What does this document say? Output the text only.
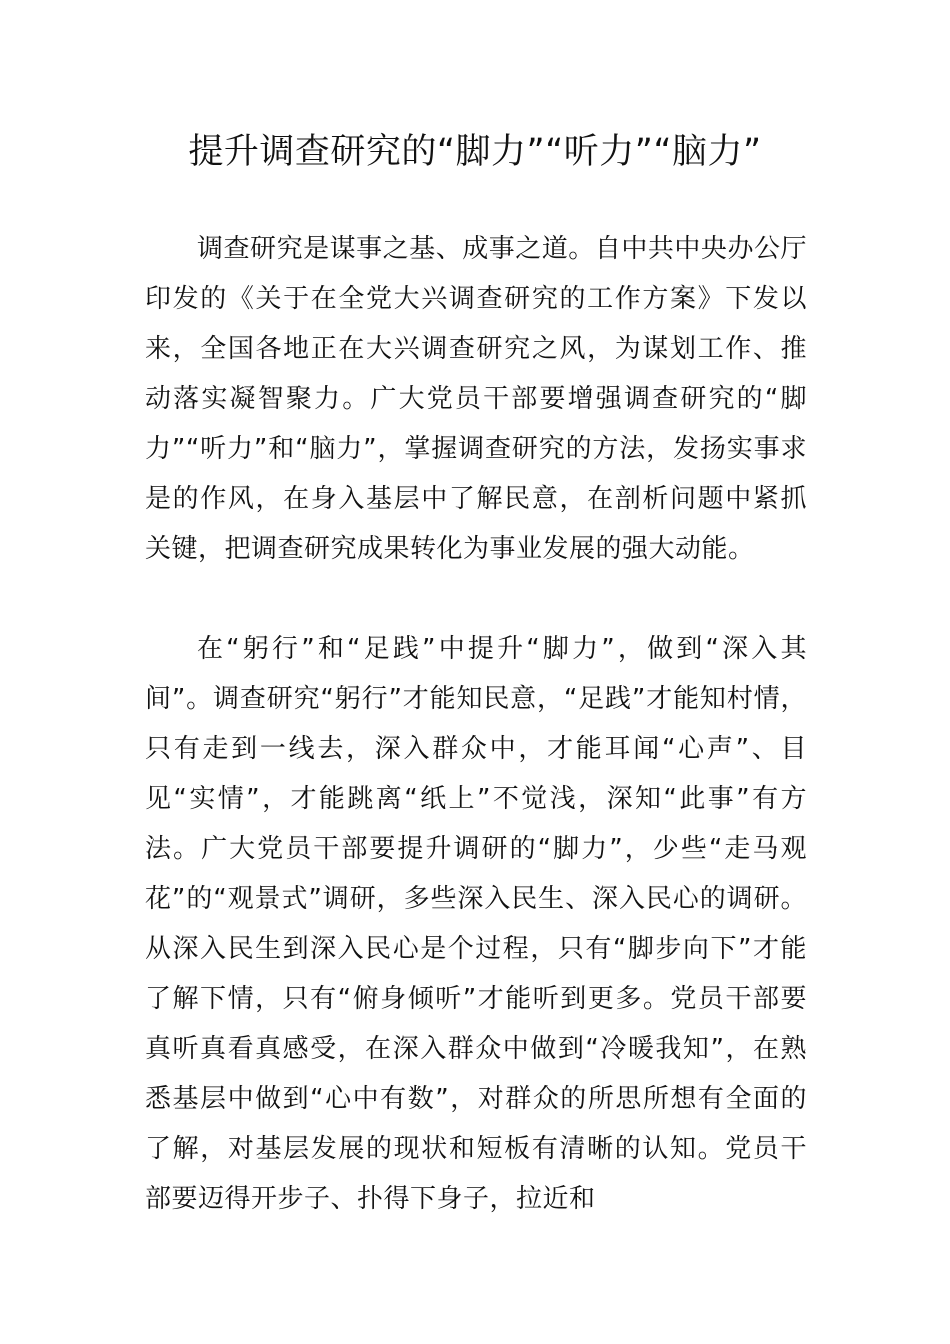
提升调查研究的“脚力”“听力”“脑力”

调查研究是谋事之基、成事之道。自中共中央办公厅印发的《关于在全党大兴调查研究的工作方案》下发以来，全国各地正在大兴调查研究之风，为谋划工作、推动落实凝智聚力。广大党员干部要增强调查研究的“脚力”“听力”和“脑力”，掌握调查研究的方法，发扬实事求是的作风，在身入基层中了解民意，在剖析问题中紧抓关键，把调查研究成果转化为事业发展的强大动能。

在“躬行”和“足践”中提升“脚力”，做到“深入其间”。调查研究“躬行”才能知民意，“足践”才能知村情，只有走到一线去，深入群众中，才能耳闻“心声”、目见“实情”，才能跳离“纸上”不觉浅，深知“此事”有方法。广大党员干部要提升调研的“脚力”，少些“走马观花”的“观景式”调研，多些深入民生、深入民心的调研。从深入民生到深入民心是个过程，只有“脚步向下”才能了解下情，只有“俯身倾听”才能听到更多。党员干部要真听真看真感受，在深入群众中做到“冷暖我知”，在熟悉基层中做到“心中有数”，对群众的所思所想有全面的了解，对基层发展的现状和短板有清晰的认知。党员干部要迈得开步子、扑得下身子，拉近和
